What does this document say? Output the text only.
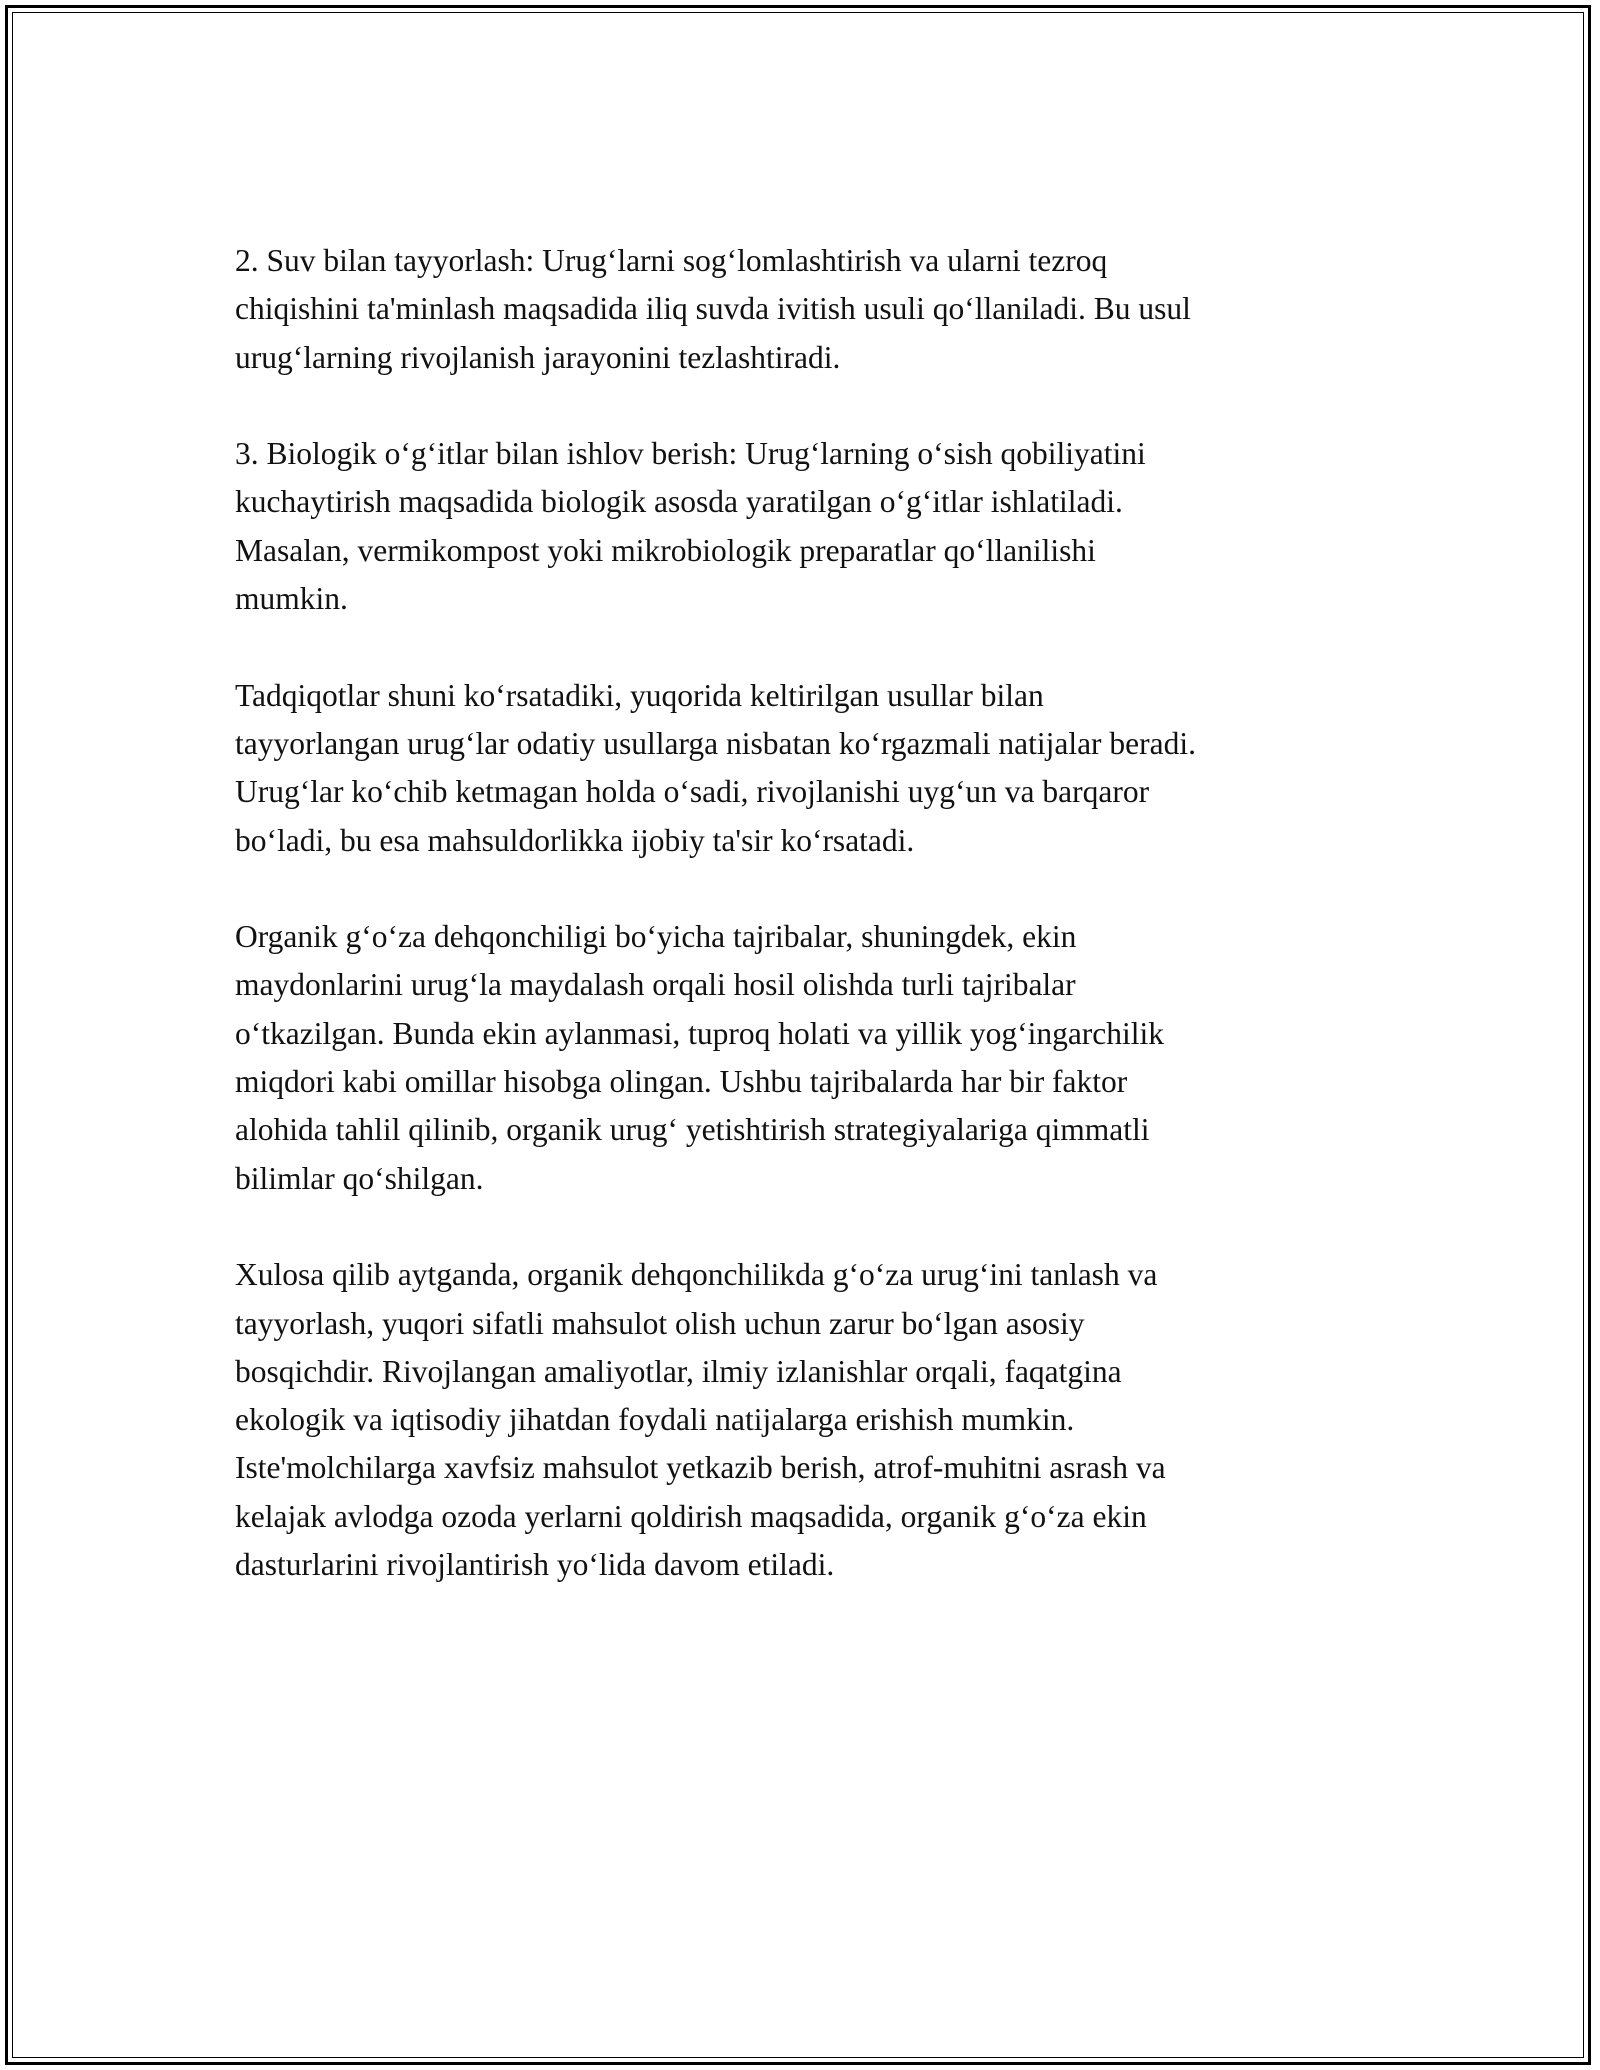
2. Suv bilan tayyorlash: Urug‘larni sog‘lomlashtirish va ularni tezroq
chiqishini ta'minlash maqsadida iliq suvda ivitish usuli qo‘llaniladi. Bu usul
urug‘larning rivojlanish jarayonini tezlashtiradi.

3. Biologik o‘g‘itlar bilan ishlov berish: Urug‘larning o‘sish qobiliyatini
kuchaytirish maqsadida biologik asosda yaratilgan o‘g‘itlar ishlatiladi.
Masalan, vermikompost yoki mikrobiologik preparatlar qo‘llanilishi
mumkin.

Tadqiqotlar shuni ko‘rsatadiki, yuqorida keltirilgan usullar bilan
tayyorlangan urug‘lar odatiy usullarga nisbatan ko‘rgazmali natijalar beradi.
Urug‘lar ko‘chib ketmagan holda o‘sadi, rivojlanishi uyg‘un va barqaror
bo‘ladi, bu esa mahsuldorlikka ijobiy ta'sir ko‘rsatadi.

Organik g‘o‘za dehqonchiligi bo‘yicha tajribalar, shuningdek, ekin
maydonlarini urug‘la maydalash orqali hosil olishda turli tajribalar
o‘tkazilgan. Bunda ekin aylanmasi, tuproq holati va yillik yog‘ingarchilik
miqdori kabi omillar hisobga olingan. Ushbu tajribalarda har bir faktor
alohida tahlil qilinib, organik urug‘ yetishtirish strategiyalariga qimmatli
bilimlar qo‘shilgan.

Xulosa qilib aytganda, organik dehqonchilikda g‘o‘za urug‘ini tanlash va
tayyorlash, yuqori sifatli mahsulot olish uchun zarur bo‘lgan asosiy
bosqichdir. Rivojlangan amaliyotlar, ilmiy izlanishlar orqali, faqatgina
ekologik va iqtisodiy jihatdan foydali natijalarga erishish mumkin.
Iste'molchilarga xavfsiz mahsulot yetkazib berish, atrof-muhitni asrash va
kelajak avlodga ozoda yerlarni qoldirish maqsadida, organik g‘o‘za ekin
dasturlarini rivojlantirish yo‘lida davom etiladi.
